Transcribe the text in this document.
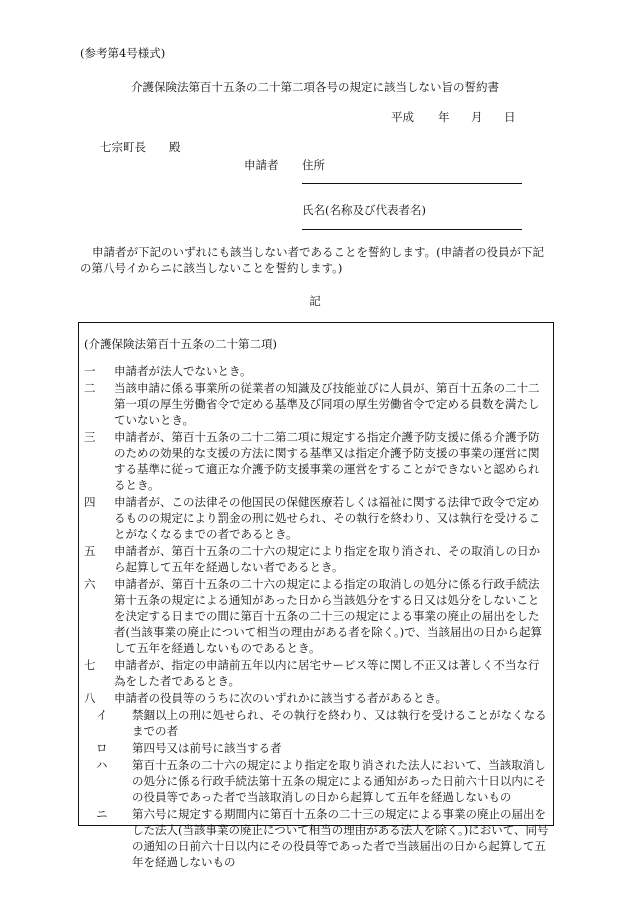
(参考第4号様式)
介護保険法第百十五条の二十第二項各号の規定に該当しない旨の誓約書
平成 年 月 日
七宗町長　　殿
申請者 住所
氏名(名称及び代表者名)
申請者が下記のいずれにも該当しない者であることを誓約します。(申請者の役員が下記の第八号イからニに該当しないことを誓約します。)
記
(介護保険法第百十五条の二十第二項)
一 申請者が法人でないとき。
二 当該申請に係る事業所の従業者の知識及び技能並びに人員が、第百十五条の二十二第一項の厚生労働省令で定める基準及び同項の厚生労働省令で定める員数を満たしていないとき。
三 申請者が、第百十五条の二十二第二項に規定する指定介護予防支援に係る介護予防のための効果的な支援の方法に関する基準又は指定介護予防支援の事業の運営に関する基準に従って適正な介護予防支援事業の運営をすることができないと認められるとき。
四 申請者が、この法律その他国民の保健医療若しくは福祉に関する法律で政令で定めるものの規定により罰金の刑に処せられ、その執行を終わり、又は執行を受けることがなくなるまでの者であるとき。
五 申請者が、第百十五条の二十六の規定により指定を取り消され、その取消しの日から起算して五年を経過しない者であるとき。
六 申請者が、第百十五条の二十六の規定による指定の取消しの処分に係る行政手続法第十五条の規定による通知があった日から当該処分をする日又は処分をしないことを決定する日までの間に第百十五条の二十三の規定による事業の廃止の届出をした者(当該事業の廃止について相当の理由がある者を除く。)で、当該届出の日から起算して五年を経過しないものであるとき。
七 申請者が、指定の申請前五年以内に居宅サービス等に関し不正又は著しく不当な行為をした者であるとき。
八 申請者の役員等のうちに次のいずれかに該当する者があるとき。
イ 禁錮以上の刑に処せられ、その執行を終わり、又は執行を受けることがなくなるまでの者
ロ 第四号又は前号に該当する者
ハ 第百十五条の二十六の規定により指定を取り消された法人において、当該取消しの処分に係る行政手続法第十五条の規定による通知があった日前六十日以内にその役員等であった者で当該取消しの日から起算して五年を経過しないもの
ニ 第六号に規定する期間内に第百十五条の二十三の規定による事業の廃止の届出をした法人(当該事業の廃止について相当の理由がある法人を除く。)において、同号の通知の日前六十日以内にその役員等であった者で当該届出の日から起算して五年を経過しないもの
